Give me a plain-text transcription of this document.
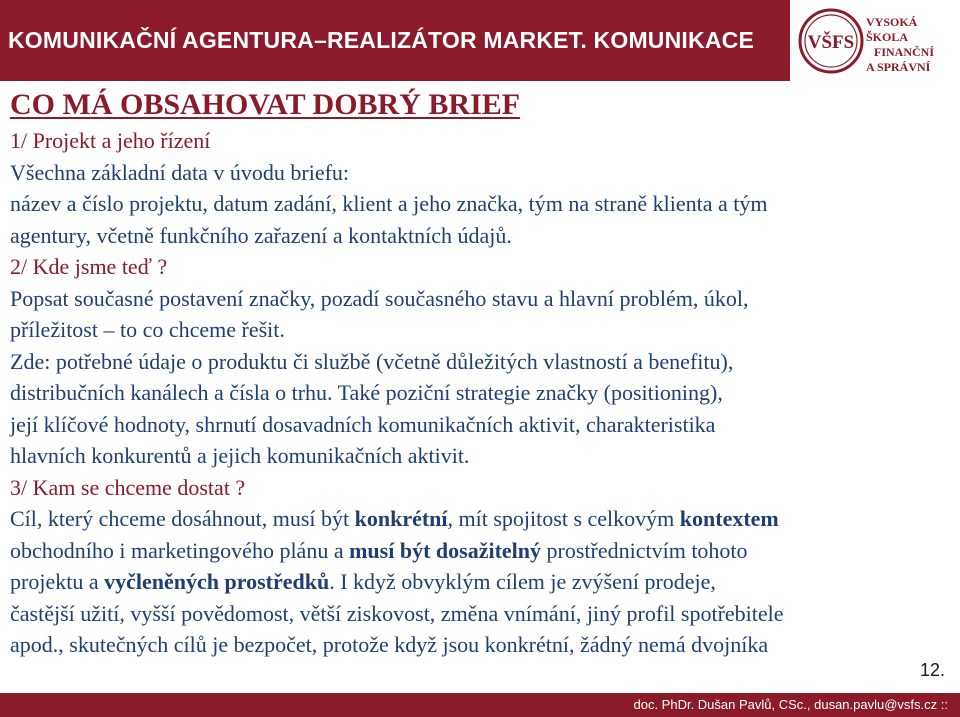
KOMUNIKAČNÍ AGENTURA–REALIZÁTOR MARKET. KOMUNIKACE	VŠFS
VYSOKÁ ŠKOLA
FINANČNÍ
A SPRÁVNÍ
CO MÁ OBSAHOVAT DOBRÝ BRIEF
1/ Projekt a jeho řízení
Všechna základní data v úvodu briefu:
název a číslo projektu, datum zadání, klient a jeho značka, tým na straně klienta a tým
agentury, včetně funkčního zařazení a kontaktních údajů.
2/ Kde jsme teď ?
Popsat současné postavení značky, pozadí současného stavu a hlavní problém, úkol,
příležitost – to co chceme řešit.
Zde: potřebné údaje o produktu či službě (včetně důležitých vlastností a benefitu),
distribučních kanálech a čísla o trhu. Také poziční strategie značky (positioning),
její klíčové hodnoty, shrnutí dosavadních komunikačních aktivit, charakteristika
hlavních konkurentů a jejich komunikačních aktivit.
3/ Kam se chceme dostat ?
Cíl, který chceme dosáhnout, musí být konkrétní, mít spojitost s celkovým kontextem
obchodního i marketingového plánu a musí být dosažitelný prostřednictvím tohoto
projektu a vyčleněných prostředků. I když obvyklým cílem je zvýšení prodeje,
častější užití, vyšší povědomost, větší ziskovost, změna vnímání, jiný profil spotřebitele
apod., skutečných cílů je bezpočet, protože když jsou konkrétní, žádný nemá dvojníka
12.
doc. PhDr. Dušan Pavlů, CSc., dusan.pavlu@vsfs.cz ::
